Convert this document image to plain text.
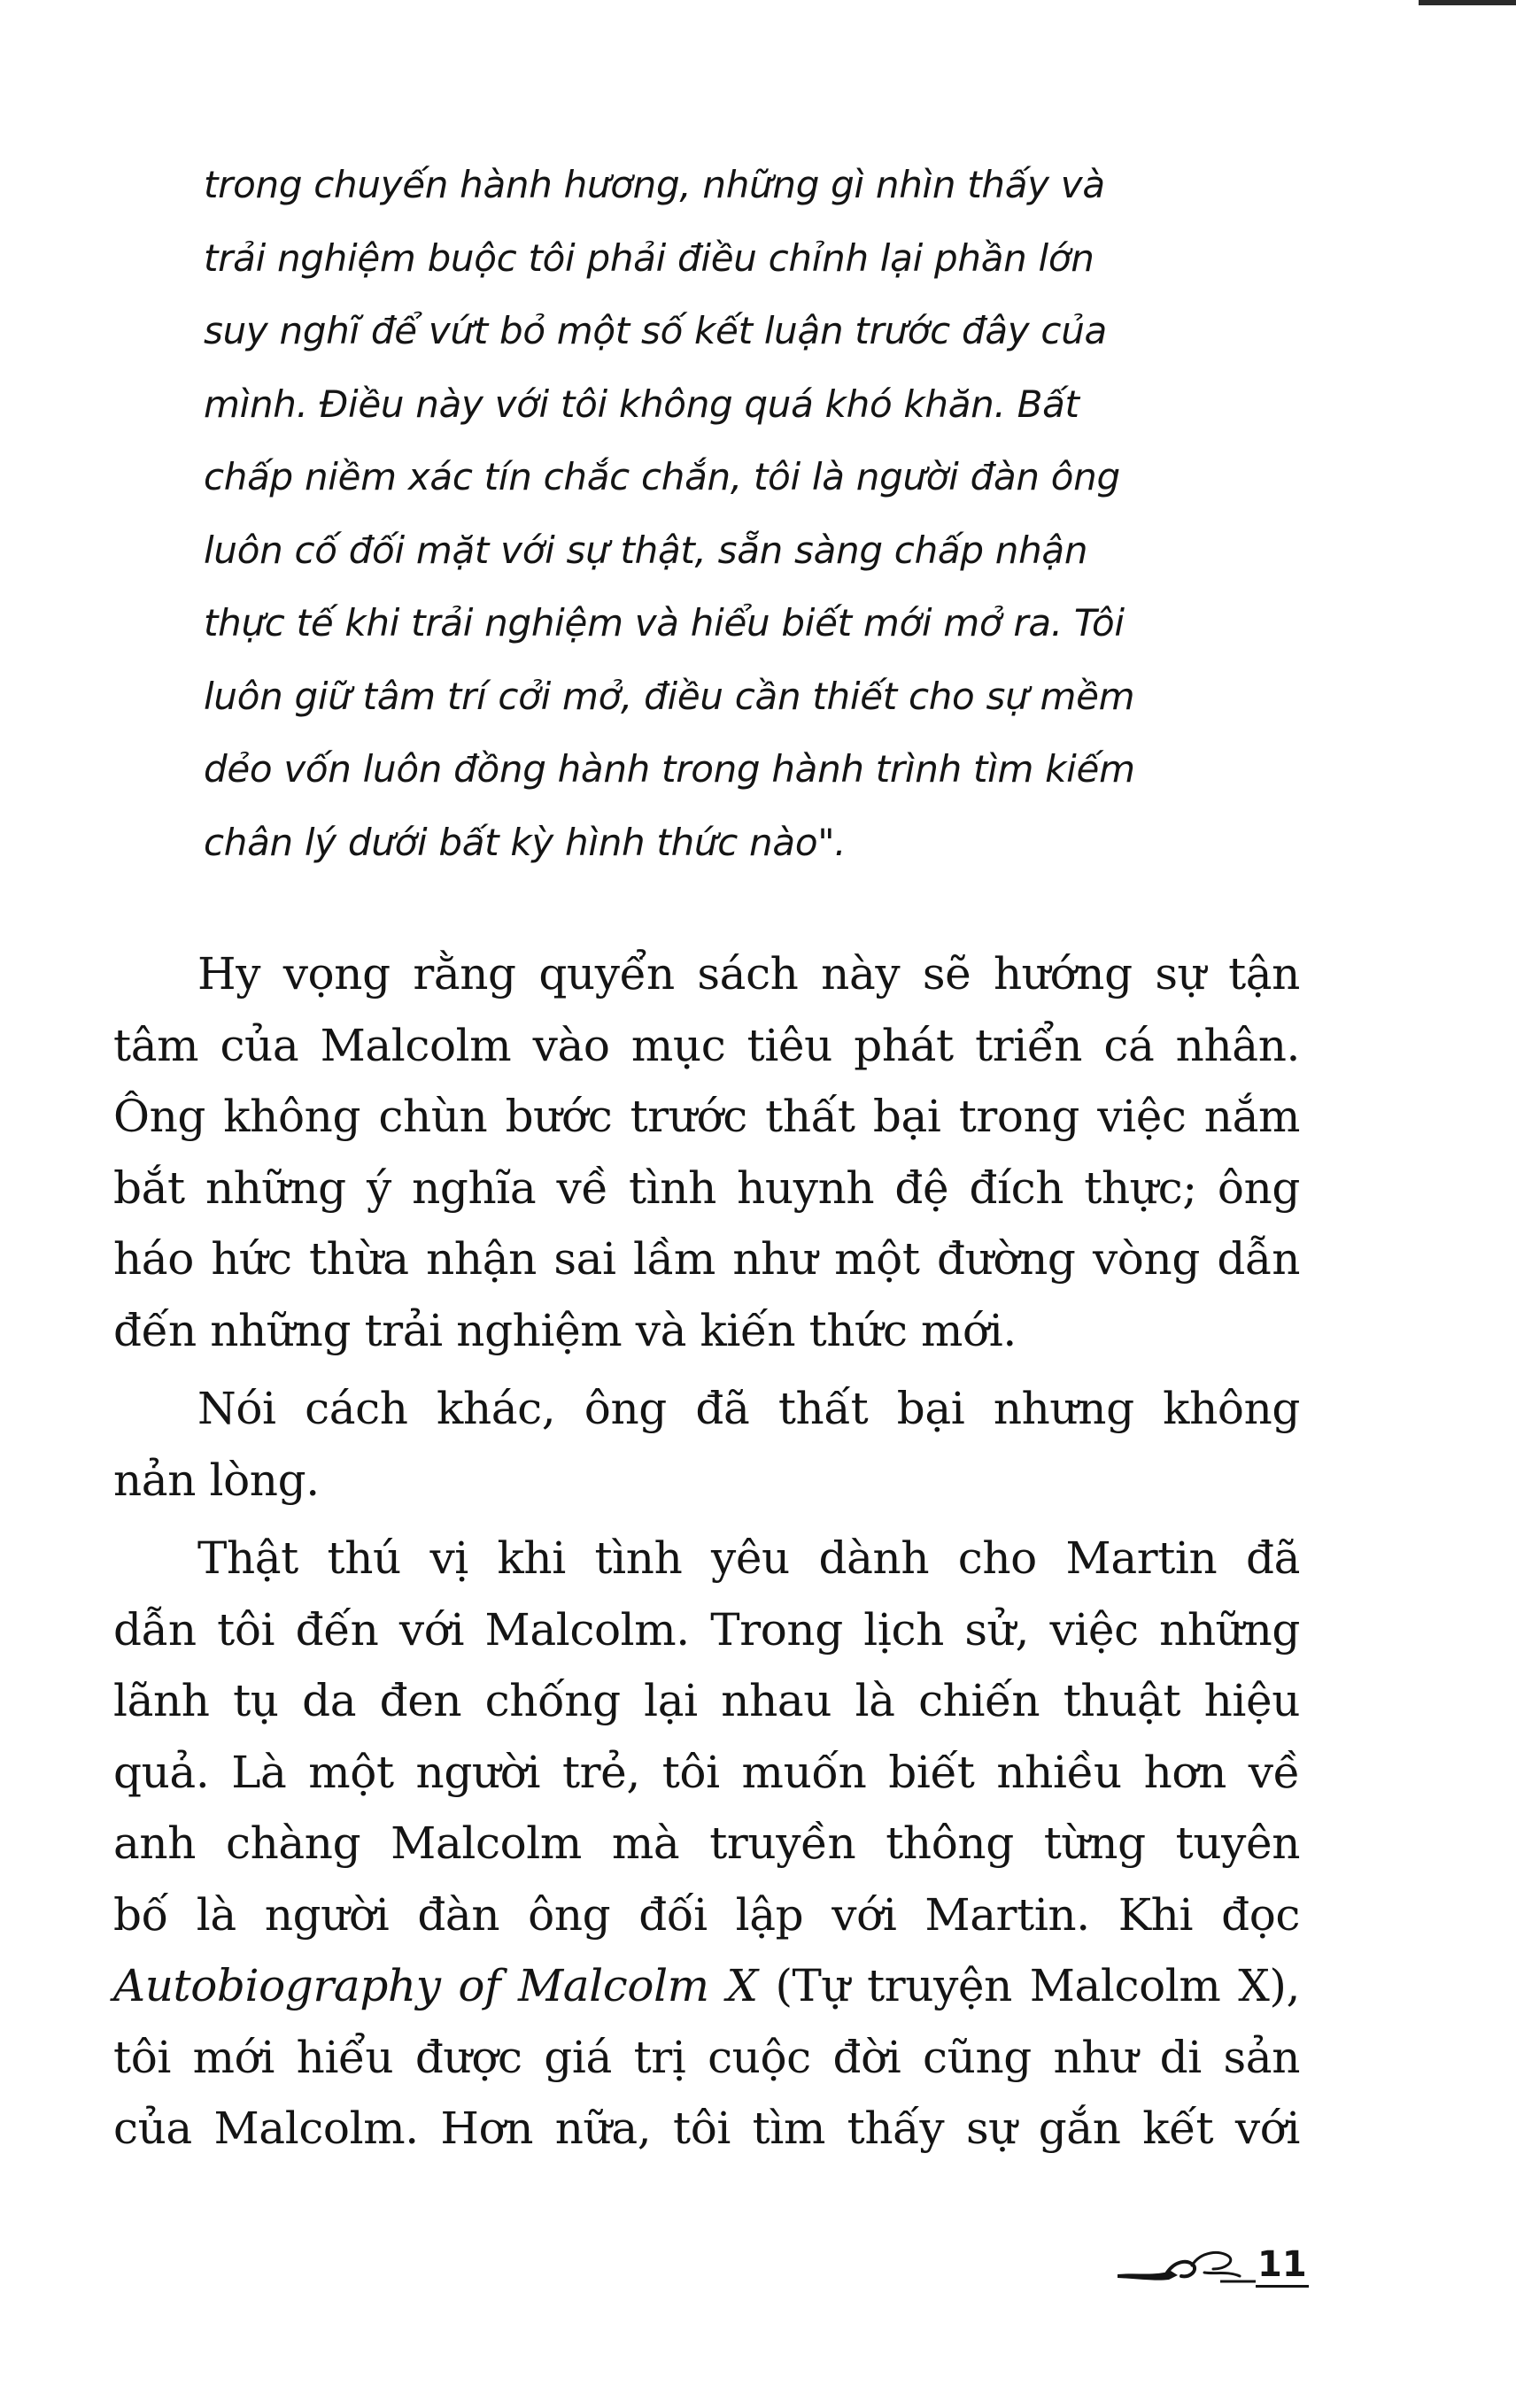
trong chuyến hành hương, những gì nhìn thấy và
trải nghiệm buộc tôi phải điều chỉnh lại phần lớn
suy nghĩ để vứt bỏ một số kết luận trước đây của
mình. Điều này với tôi không quá khó khăn. Bất
chấp niềm xác tín chắc chắn, tôi là người đàn ông
luôn cố đối mặt với sự thật, sẵn sàng chấp nhận
thực tế khi trải nghiệm và hiểu biết mới mở ra. Tôi
luôn giữ tâm trí cởi mở, điều cần thiết cho sự mềm
dẻo vốn luôn đồng hành trong hành trình tìm kiếm
chân lý dưới bất kỳ hình thức nào".
Hy vọng rằng quyển sách này sẽ hướng sự tận
tâm của Malcolm vào mục tiêu phát triển cá nhân.
Ông không chùn bước trước thất bại trong việc nắm
bắt những ý nghĩa về tình huynh đệ đích thực; ông
háo hức thừa nhận sai lầm như một đường vòng dẫn
đến những trải nghiệm và kiến thức mới.
Nói cách khác, ông đã thất bại nhưng không
nản lòng.
Thật thú vị khi tình yêu dành cho Martin đã
dẫn tôi đến với Malcolm. Trong lịch sử, việc những
lãnh tụ da đen chống lại nhau là chiến thuật hiệu
quả. Là một người trẻ, tôi muốn biết nhiều hơn về
anh chàng Malcolm mà truyền thông từng tuyên
bố là người đàn ông đối lập với Martin. Khi đọc
Autobiography of Malcolm X (Tự truyện Malcolm X),
tôi mới hiểu được giá trị cuộc đời cũng như di sản
của Malcolm. Hơn nữa, tôi tìm thấy sự gắn kết với
11
